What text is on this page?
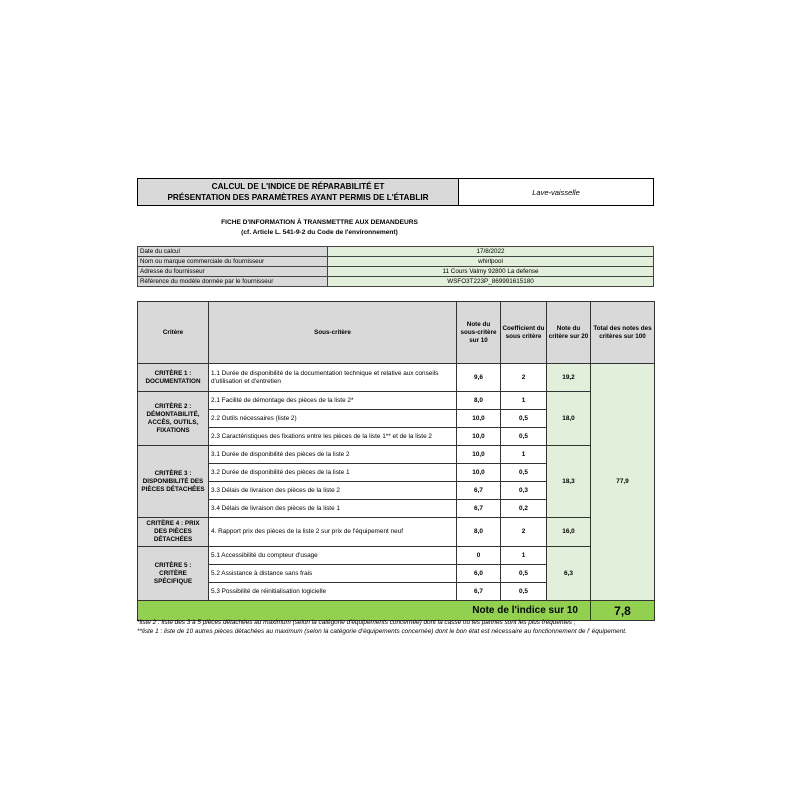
CALCUL DE L'INDICE DE RÉPARABILITÉ ET
PRÉSENTATION DES PARAMÈTRES AYANT PERMIS DE L'ÉTABLIR
Lave-vaisselle
FICHE D'INFORMATION À TRANSMETTRE AUX DEMANDEURS
(cf. Article L. 541-9-2 du Code de l'environnement)
Date du calcul	17/8/2022
Nom ou marque commerciale du fournisseur	whirlpool
Adresse du fournisseur	11 Cours Valmy 92800 La defense
Référence du modèle donnée par le fournisseur	WSFO3T223P_869991615180
Critère	Sous-critère	Note du sous-critère sur 10	Coefficient du sous critère	Note du critère sur 20	Total des notes des critères sur 100
CRITÈRE 1 : DOCUMENTATION	1.1 Durée de disponibilité de la documentation technique et relative aux conseils d'utilisation et d'entretien	9,6	2	19,2	77,9
CRITÈRE 2 : DÉMONTABILITÉ, ACCÈS, OUTILS, FIXATIONS	2.1 Facilité de démontage des pièces de la liste 2*	8,0	1	18,0	
	2.2 Outils nécessaires (liste 2)	10,0	0,5		
	2.3 Caractéristiques des fixations entre les pièces de la liste 1** et de la liste 2	10,0	0,5		
CRITÈRE 3 : DISPONIBILITÉ DES PIÈCES DÉTACHÉES	3.1 Durée de disponibilité des pièces de la liste 2	10,0	1	18,3	
	3.2 Durée de disponibilité des pièces de la liste 1	10,0	0,5		
	3.3 Délais de livraison des pièces de la liste 2	6,7	0,3		
	3.4 Délais de livraison des pièces de la liste 1	6,7	0,2		
CRITÈRE 4 : PRIX DES PIÈCES DÉTACHÉES	4. Rapport prix des pièces de la liste 2 sur prix de l'équipement neuf	8,0	2	16,0	
CRITÈRE 5 : CRITÈRE SPÉCIFIQUE	5.1 Accessibilité du compteur d'usage	0	1	6,3	
	5.2 Assistance à distance sans frais	6,0	0,5		
	5.3 Possibilité de réinitialisation logicielle	6,7	0,5		
Note de l'indice sur 10					7,8
*liste 2 : liste des 3 à 5 pièces détachées au maximum (selon la catégorie d'équipements concernée) dont la casse ou les pannes sont les plus fréquentes ;
**liste 1 : liste de 10 autres pièces détachées au maximum (selon la catégorie d'équipements concernée) dont le bon état est nécessaire au fonctionnement de l' équipement.
